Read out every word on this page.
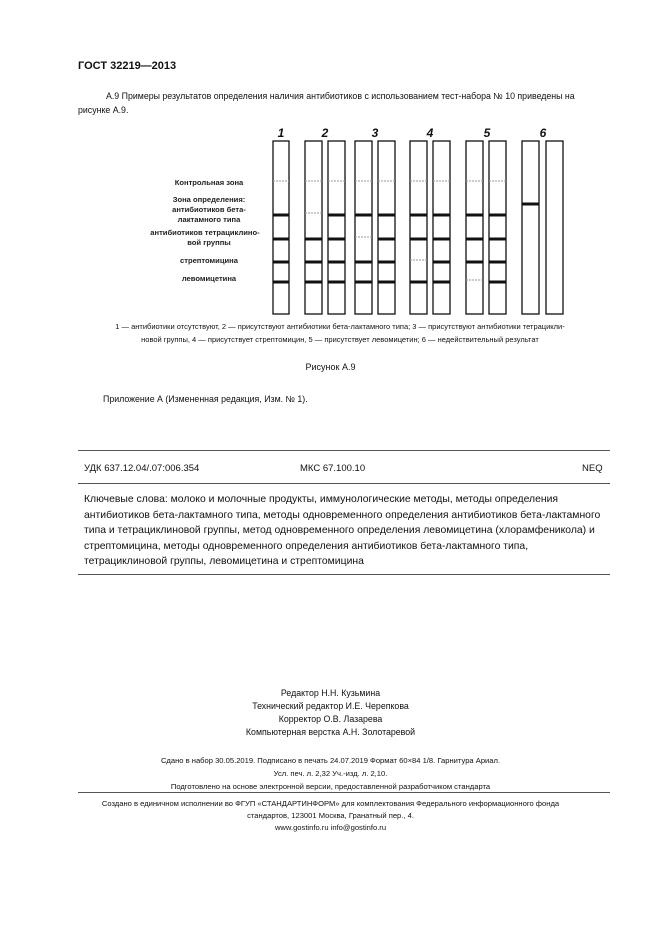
ГОСТ 32219—2013
А.9 Примеры результатов определения наличия антибиотиков с использованием тест-набора № 10 приведены на рисунке А.9.
Контрольная зона
Зона определения:
антибиотиков бета-
лактамного типа
антибиотиков тетрациклино-
вой группы
стрептомицина
левомицетина
1	2	3	4	5	6
1 — антибиотики отсутствуют, 2 — присутствуют антибиотики бета-лактамного типа; 3 — присутствуют антибиотики тетрацикли-
новой группы, 4 — присутствует стрептомицин, 5 — присутствует левомицетин; 6 — недействительный результат
Рисунок А.9
Приложение А (Измененная редакция, Изм. № 1).
УДК 637.12.04/.07:006.354	МКС 67.100.10	NEQ
Ключевые слова: молоко и молочные продукты, иммунологические методы, методы определения антибиотиков бета-лактамного типа, методы одновременного определения антибиотиков бета-лактамного типа и тетрациклиновой группы, метод одновременного определения левомицетина (хлорамфеникола) и стрептомицина, методы одновременного определения антибиотиков бета-лактамного типа, тетрациклиновой группы, левомицетина и стрептомицина
Редактор Н.Н. Кузьмина
Технический редактор И.Е. Черепкова
Корректор О.В. Лазарева
Компьютерная верстка А.Н. Золотаревой
Сдано в набор 30.05.2019. Подписано в печать 24.07.2019 Формат 60×84 1/8. Гарнитура Ариал.
Усл. печ. л. 2,32 Уч.-изд. л. 2,10.
Подготовлено на основе электронной версии, предоставленной разработчиком стандарта
Создано в единичном исполнении во ФГУП «СТАНДАРТИНФОРМ» для комплектования Федерального информационного фонда
стандартов, 123001 Москва, Гранатный пер., 4.
www.gostinfo.ru info@gostinfo.ru
